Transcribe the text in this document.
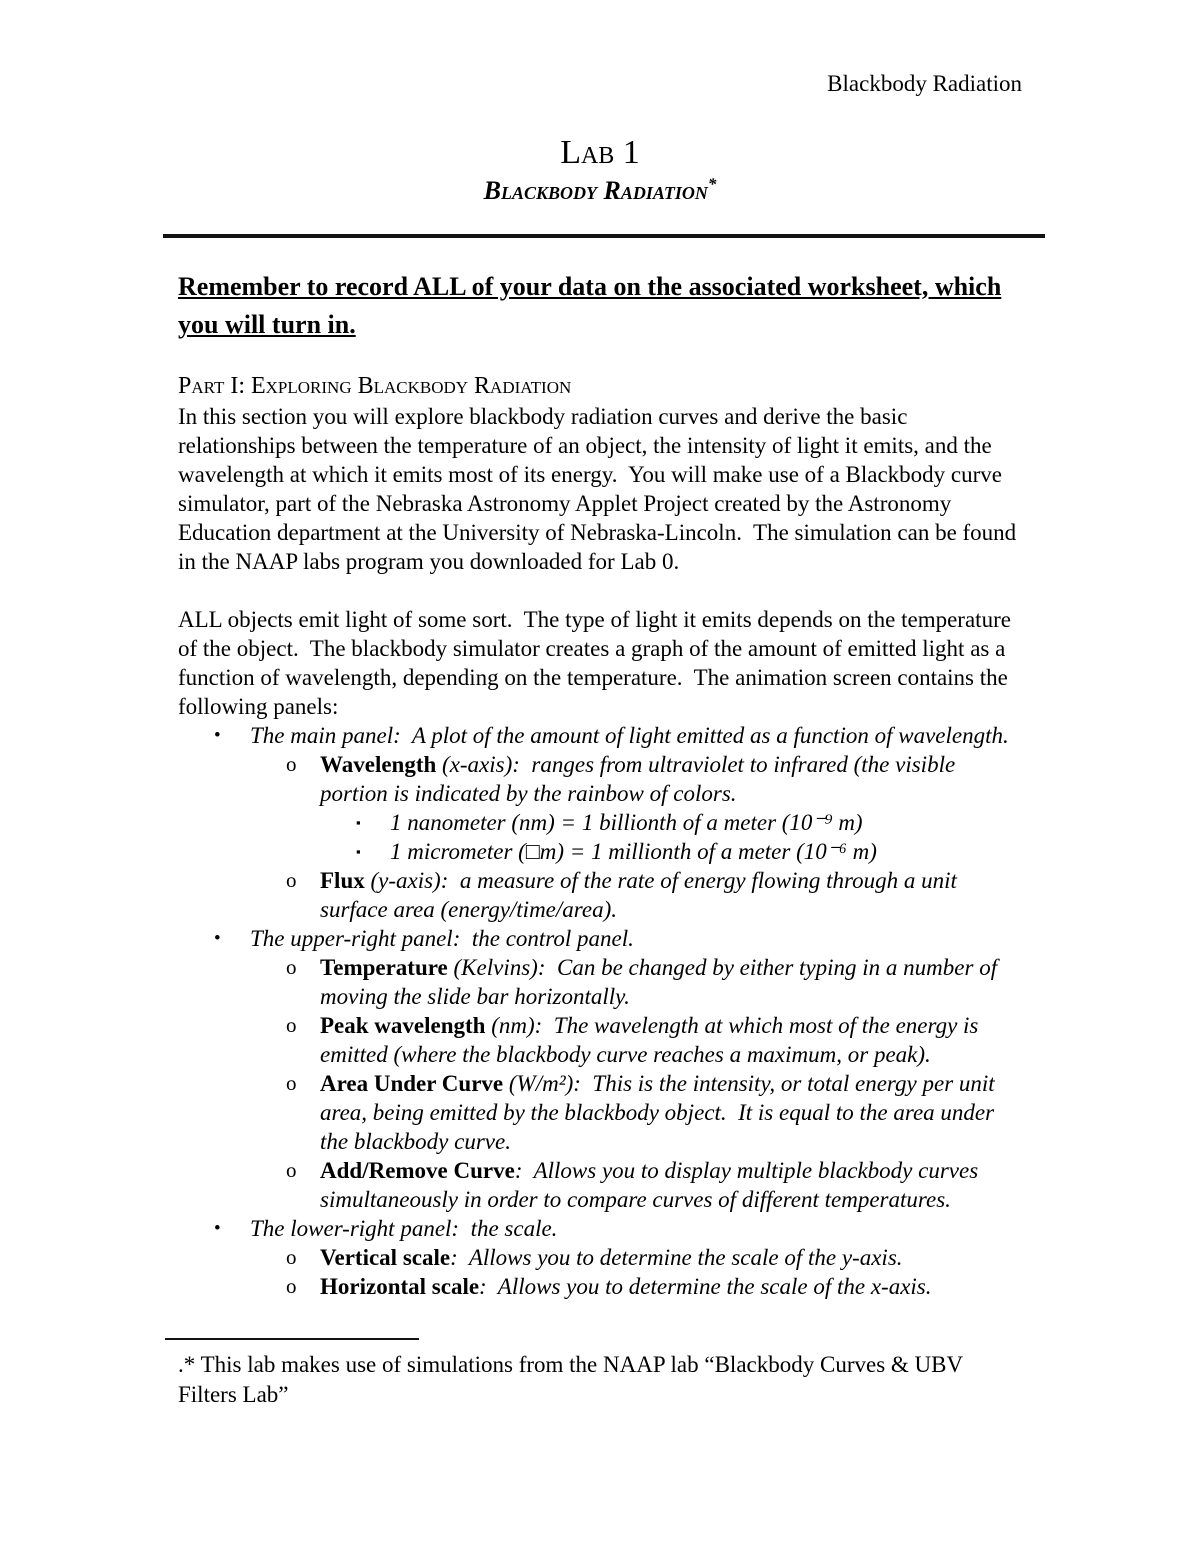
Blackbody Radiation
Lab 1
Blackbody Radiation*
Remember to record ALL of your data on the associated worksheet, which you will turn in.
Part I: Exploring Blackbody Radiation
In this section you will explore blackbody radiation curves and derive the basic relationships between the temperature of an object, the intensity of light it emits, and the wavelength at which it emits most of its energy.  You will make use of a Blackbody curve simulator, part of the Nebraska Astronomy Applet Project created by the Astronomy Education department at the University of Nebraska-Lincoln.  The simulation can be found in the NAAP labs program you downloaded for Lab 0.
ALL objects emit light of some sort.  The type of light it emits depends on the temperature of the object.  The blackbody simulator creates a graph of the amount of emitted light as a function of wavelength, depending on the temperature.  The animation screen contains the following panels:
•	The main panel:  A plot of the amount of light emitted as a function of wavelength.
o	Wavelength (x-axis):  ranges from ultraviolet to infrared (the visible portion is indicated by the rainbow of colors.
▪	1 nanometer (nm) = 1 billionth of a meter (10⁻⁹ m)
▪	1 micrometer (□m) = 1 millionth of a meter (10⁻⁶ m)
o	Flux (y-axis):  a measure of the rate of energy flowing through a unit surface area (energy/time/area).
•	The upper-right panel:  the control panel.
o	Temperature (Kelvins):  Can be changed by either typing in a number of moving the slide bar horizontally.
o	Peak wavelength (nm):  The wavelength at which most of the energy is emitted (where the blackbody curve reaches a maximum, or peak).
o	Area Under Curve (W/m²):  This is the intensity, or total energy per unit area, being emitted by the blackbody object.  It is equal to the area under the blackbody curve.
o	Add/Remove Curve:  Allows you to display multiple blackbody curves simultaneously in order to compare curves of different temperatures.
•	The lower-right panel:  the scale.
o	Vertical scale:  Allows you to determine the scale of the y-axis.
o	Horizontal scale:  Allows you to determine the scale of the x-axis.
.* This lab makes use of simulations from the NAAP lab “Blackbody Curves & UBV Filters Lab”
